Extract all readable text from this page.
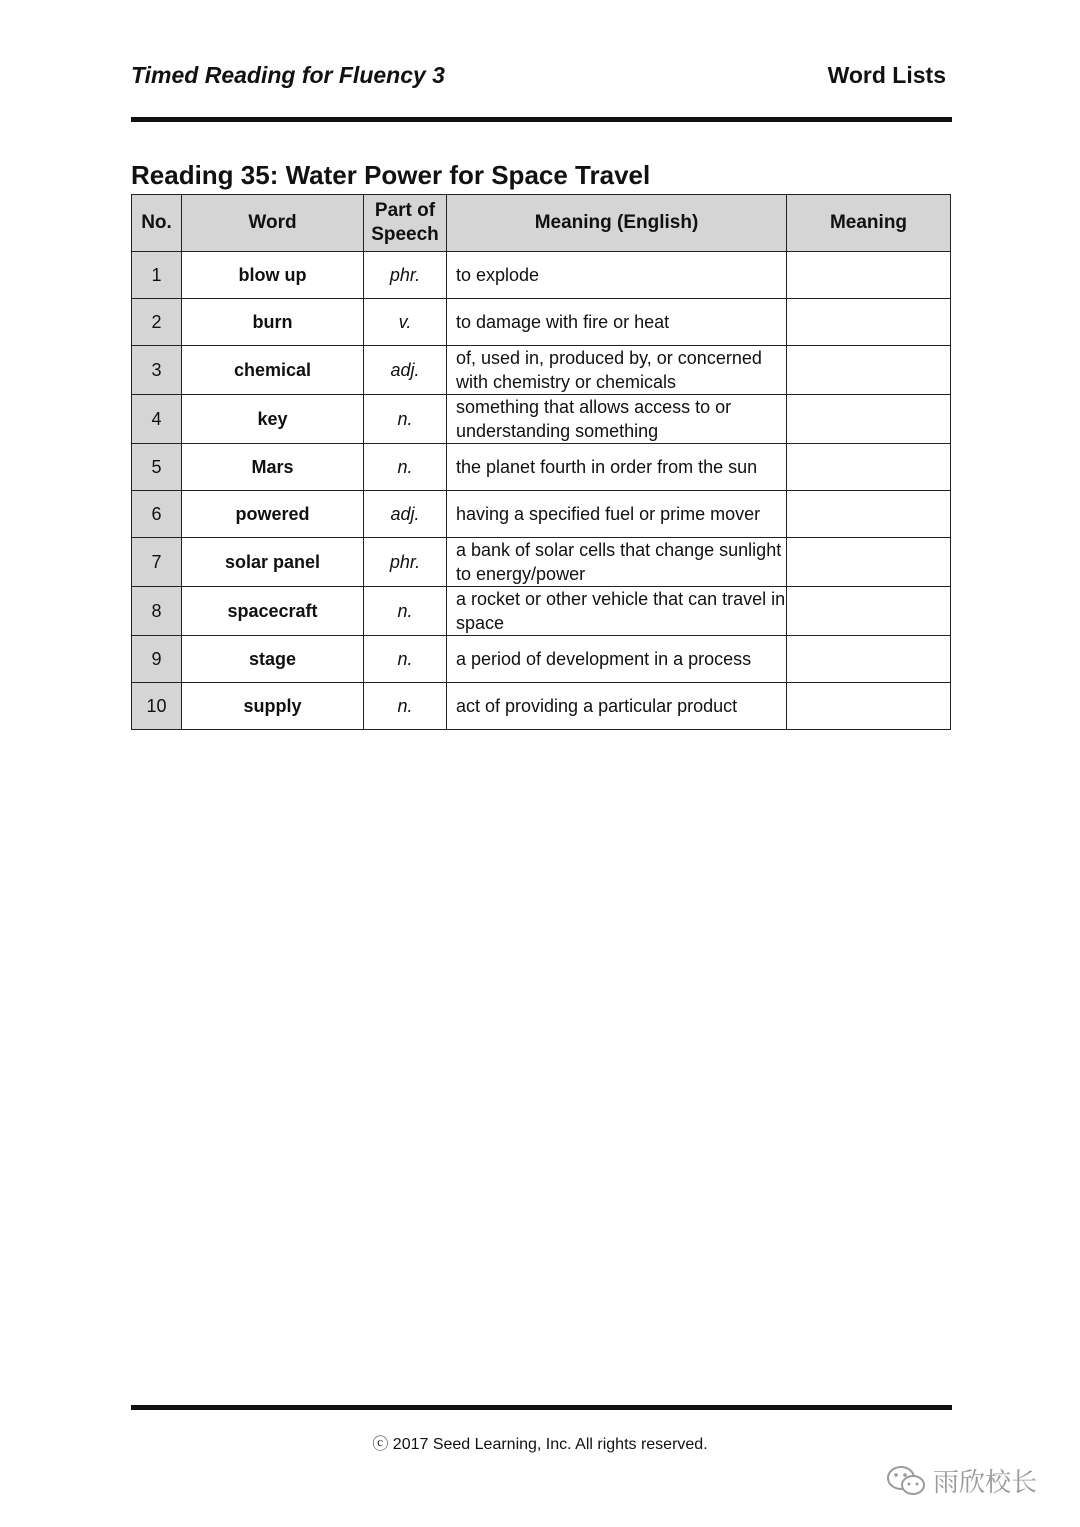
Timed Reading for Fluency 3	Word Lists
Reading 35: Water Power for Space Travel
No.	Word	Part of Speech	Meaning (English)	Meaning
1	blow up	phr.	to explode	
2	burn	v.	to damage with fire or heat	
3	chemical	adj.	of, used in, produced by, or concerned with chemistry or chemicals	
4	key	n.	something that allows access to or understanding something	
5	Mars	n.	the planet fourth in order from the sun	
6	powered	adj.	having a specified fuel or prime mover	
7	solar panel	phr.	a bank of solar cells that change sunlight to energy/power	
8	spacecraft	n.	a rocket or other vehicle that can travel in space	
9	stage	n.	a period of development in a process	
10	supply	n.	act of providing a particular product	
ⓒ 2017 Seed Learning, Inc. All rights reserved.
雨欣校长
